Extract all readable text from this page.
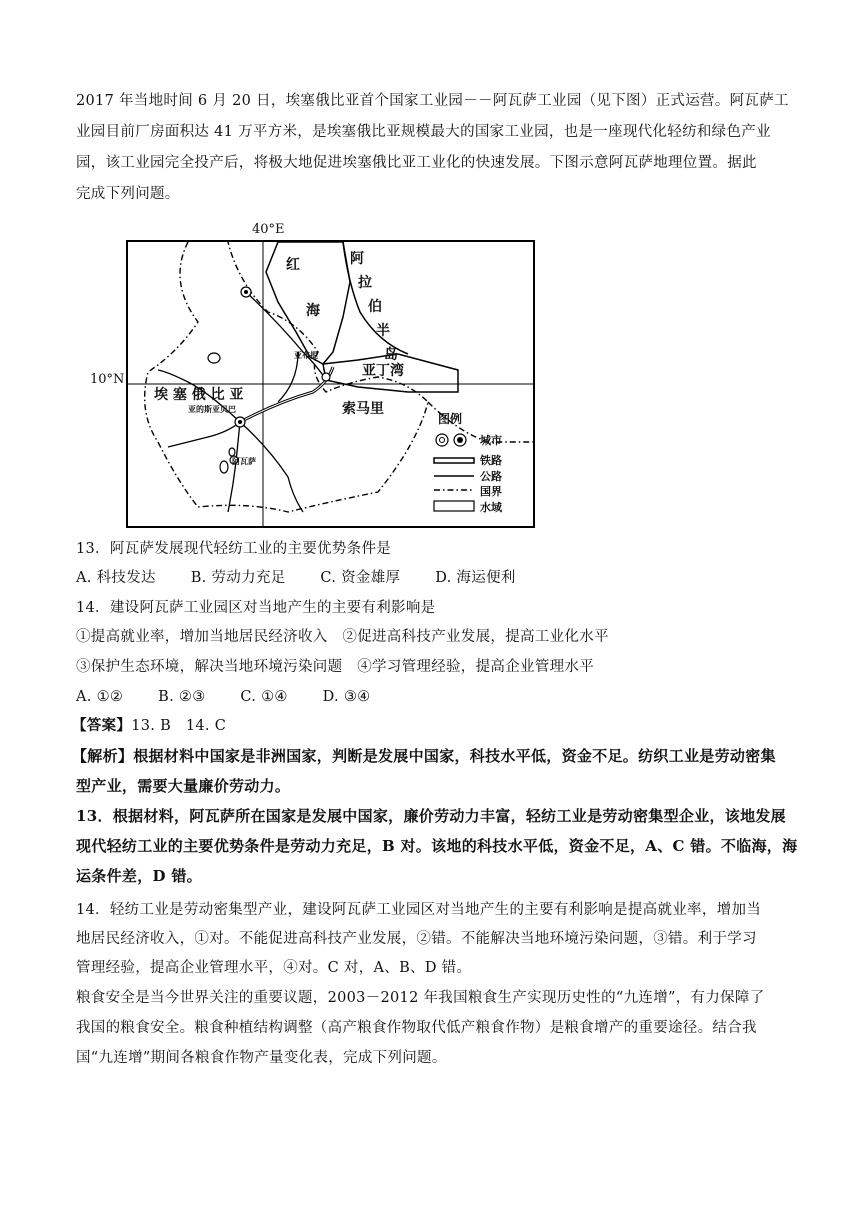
2017 年当地时间 6 月 20 日，埃塞俄比亚首个国家工业园－－阿瓦萨工业园（见下图）正式运营。阿瓦萨工
业园目前厂房面积达 41 万平方米，是埃塞俄比亚规模最大的国家工业园，也是一座现代化轻纺和绿色产业
园，该工业园完全投产后，将极大地促进埃塞俄比亚工业化的快速发展。下图示意阿瓦萨地理位置。据此
完成下列问题。
40°E
10°N
红
海
阿
拉
伯
半
岛
亚布提
亚丁湾
埃 塞 俄 比 亚
亚的斯亚贝巴	索马里
阿瓦萨
图例
城市
铁路
公路
国界
水域
13．阿瓦萨发展现代轻纺工业的主要优势条件是
A. 科技发达 B. 劳动力充足 C. 资金雄厚 D. 海运便利
14．建设阿瓦萨工业园区对当地产生的主要有利影响是
①提高就业率，增加当地居民经济收入　②促进高科技产业发展，提高工业化水平
③保护生态环境，解决当地环境污染问题　④学习管理经验，提高企业管理水平
A. ①② B. ②③ C. ①④ D. ③④
【答案】13. B　14. C
【解析】根据材料中国家是非洲国家，判断是发展中国家，科技水平低，资金不足。纺织工业是劳动密集
型产业，需要大量廉价劳动力。
13．根据材料，阿瓦萨所在国家是发展中国家，廉价劳动力丰富，轻纺工业是劳动密集型企业，该地发展
现代轻纺工业的主要优势条件是劳动力充足，B 对。该地的科技水平低，资金不足，A、C 错。不临海，海
运条件差，D 错。
14．轻纺工业是劳动密集型产业，建设阿瓦萨工业园区对当地产生的主要有利影响是提高就业率，增加当
地居民经济收入，①对。不能促进高科技产业发展，②错。不能解决当地环境污染问题，③错。利于学习
管理经验，提高企业管理水平，④对。C 对，A、B、D 错。
粮食安全是当今世界关注的重要议题，2003－2012 年我国粮食生产实现历史性的“九连增”，有力保障了
我国的粮食安全。粮食种植结构调整（高产粮食作物取代低产粮食作物）是粮食增产的重要途径。结合我
国“九连增”期间各粮食作物产量变化表，完成下列问题。
